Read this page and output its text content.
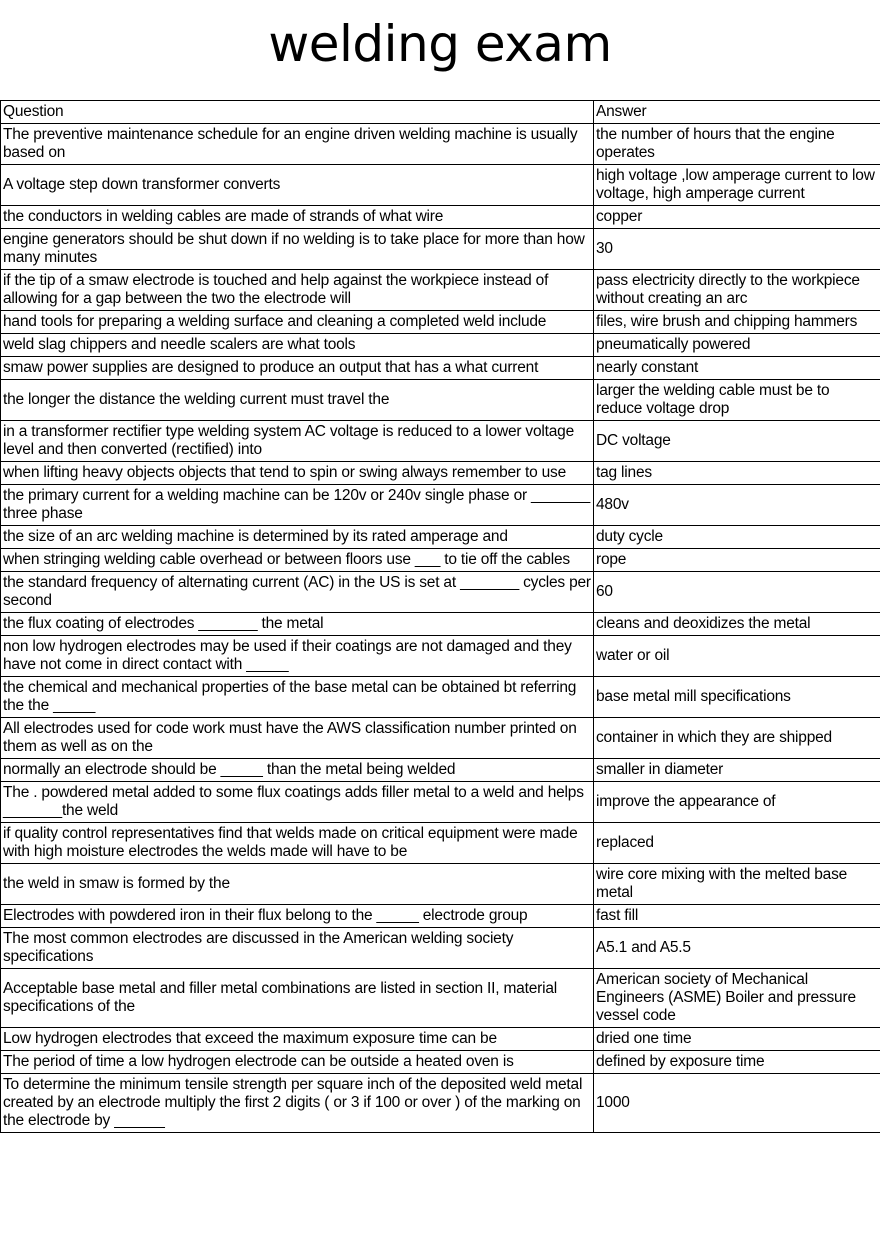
welding exam
Question	Answer
The preventive maintenance schedule for an engine driven welding machine is usually based on	the number of hours that the engine operates
A voltage step down transformer converts	high voltage ,low amperage current to low voltage, high amperage current
the conductors in welding cables are made of strands of what wire	copper
engine generators should be shut down if no welding is to take place for more than how many minutes	30
if the tip of a smaw electrode is touched and help against the workpiece instead of allowing for a gap between the two the electrode will	pass electricity directly to the workpiece without creating an arc
hand tools for preparing a welding surface and cleaning a completed weld include	files, wire brush and chipping hammers
weld slag chippers and needle scalers are what tools	pneumatically powered
smaw power supplies are designed to produce an output that has a what current	nearly constant
the longer the distance the welding current must travel the	larger the welding cable must be to reduce voltage drop
in a transformer rectifier type welding system AC voltage is reduced to a lower voltage level and then converted (rectified) into	DC voltage
when lifting heavy objects objects that tend to spin or swing always remember to use	tag lines
the primary current for a welding machine can be 120v or 240v single phase or _______ three phase	480v
the size of an arc welding machine is determined by its rated amperage and	duty cycle
when stringing welding cable overhead or between floors use ___ to tie off the cables	rope
the standard frequency of alternating current (AC) in the US is set at _______ cycles per second	60
the flux coating of electrodes _______ the metal	cleans and deoxidizes the metal
non low hydrogen electrodes may be used if their coatings are not damaged and they have not come in direct contact with _____	water or oil
the chemical and mechanical properties of the base metal can be obtained bt referring the the _____	base metal mill specifications
All electrodes used for code work must have the AWS classification number printed on them as well as on the	container in which they are shipped
normally an electrode should be _____ than the metal being welded	smaller in diameter
The . powdered metal added to some flux coatings adds filler metal to a weld and helps _______the weld	improve the appearance of
if quality control representatives find that welds made on critical equipment were made with high moisture electrodes the welds made will have to be	replaced
the weld in smaw is formed by the	wire core mixing with the melted base metal
Electrodes with powdered iron in their flux belong to the _____ electrode group	fast fill
The most common electrodes are discussed in the American welding society specifications	A5.1 and A5.5
Acceptable base metal and filler metal combinations are listed in section II, material specifications of the	American society of Mechanical Engineers (ASME) Boiler and pressure vessel code
Low hydrogen electrodes that exceed the maximum exposure time can be	dried one time
The period of time a low hydrogen electrode can be outside a heated oven is	defined by exposure time
To determine the minimum tensile strength per square inch of the deposited weld metal created by an electrode multiply the first 2 digits ( or 3 if 100 or over ) of the marking on the electrode by ______	1000
